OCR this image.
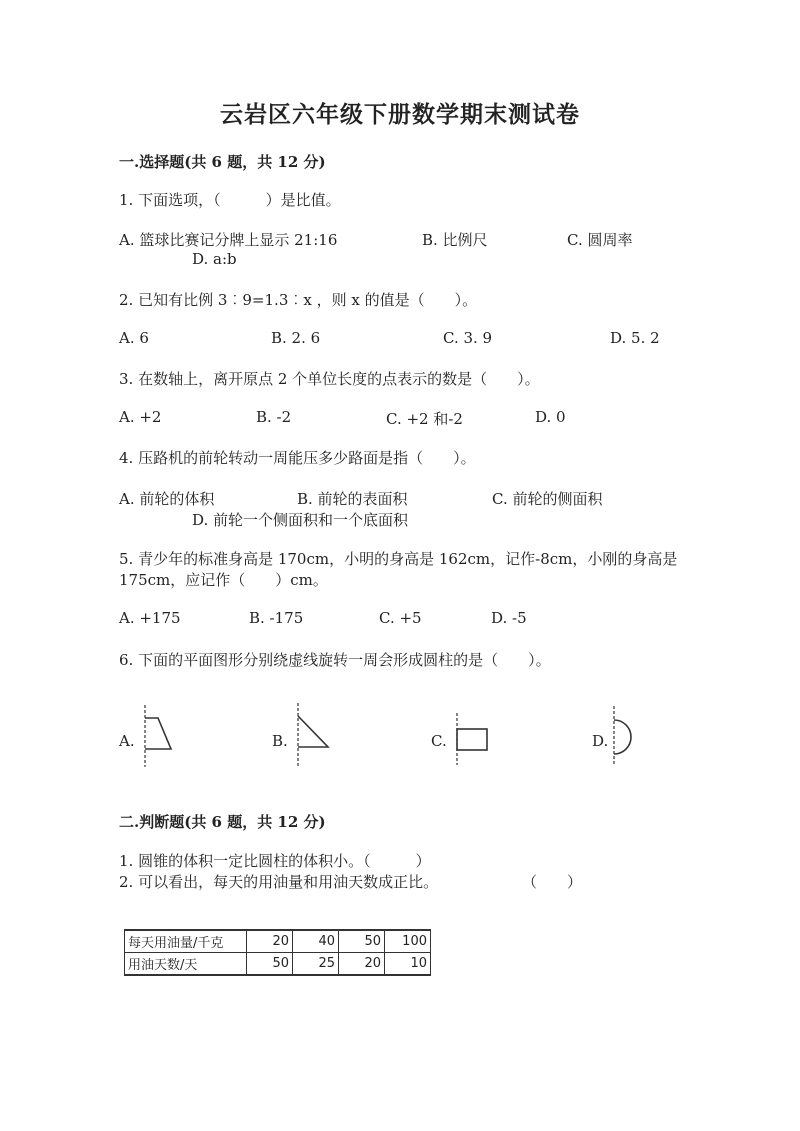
云岩区六年级下册数学期末测试卷
一.选择题(共 6 题，共 12 分)
1. 下面选项，（　　　）是比值。
A. 篮球比赛记分牌上显示 21:16	B. 比例尺	C. 圆周率
D. a:b
2. 已知有比例 3︰9=1.3︰x ，则 x 的值是（　　）。
A. 6	B. 2. 6	C. 3. 9	D. 5. 2
3. 在数轴上，离开原点 2 个单位长度的点表示的数是（　　）。
A. +2	B. -2	C. +2 和-2	D. 0
4. 压路机的前轮转动一周能压多少路面是指（　　）。
A. 前轮的体积	B. 前轮的表面积	C. 前轮的侧面积
D. 前轮一个侧面积和一个底面积
5. 青少年的标准身高是 170cm，小明的身高是 162cm，记作-8cm，小刚的身高是
175cm，应记作（　　）cm。
A. +175	B. -175	C. +5	D. -5
6. 下面的平面图形分别绕虚线旋转一周会形成圆柱的是（　　）。
A.	B.	C.	D.
二.判断题(共 6 题，共 12 分)
1. 圆锥的体积一定比圆柱的体积小。（　　　）
2. 可以看出，每天的用油量和用油天数成正比。	（　　）
每天用油量/千克	20	40	50	100
用油天数/天	50	25	20	10
